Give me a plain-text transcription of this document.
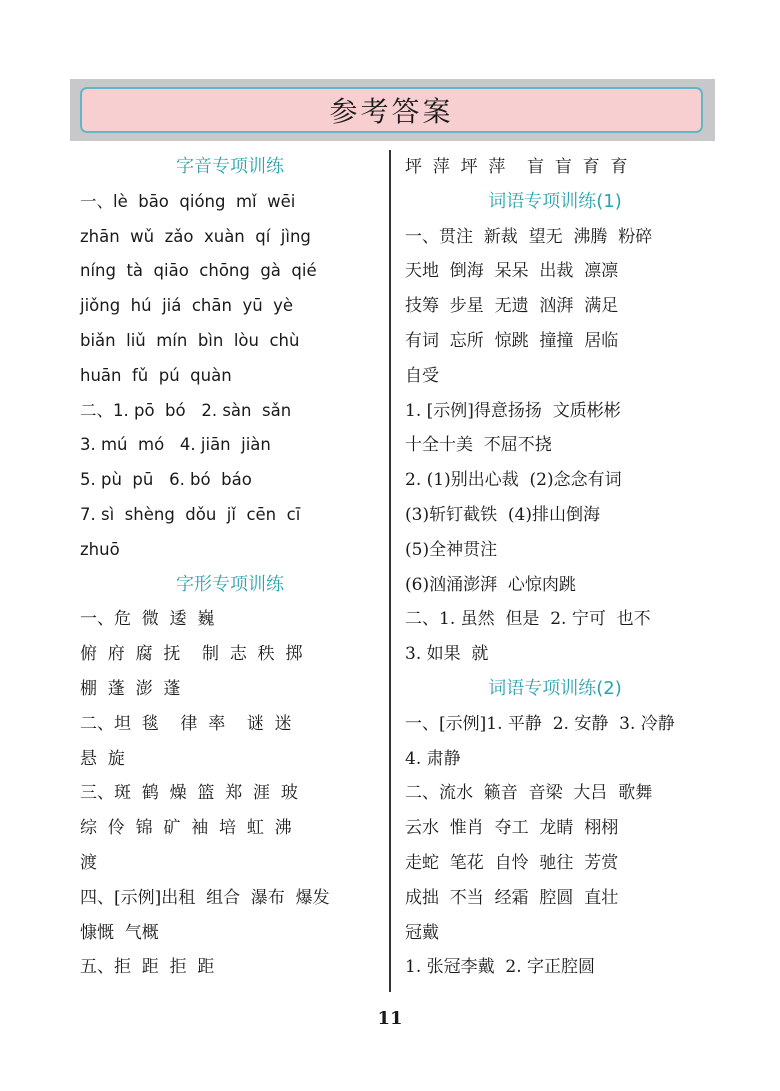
参考答案
字音专项训练
一、lè  bāo  qióng  mǐ  wēi
zhān  wǔ  zǎo  xuàn  qí  jìng
níng  tà  qiāo  chōng  gà  qié
jiǒng  hú  jiá  chān  yū  yè
biǎn  liǔ  mín  bìn  lòu  chù
huān  fǔ  pú  quàn
二、1. pō  bó   2. sàn  sǎn
3. mú  mó   4. jiān  jiàn
5. pù  pū   6. bó  báo
7. sì  shèng  dǒu  jǐ  cēn  cī
zhuō
字形专项训练
一、危  微  逶  巍
俯  府  腐  抚    制  志  秩  掷
棚  蓬  澎  蓬
二、坦  毯    律  率    谜  迷
悬  旋
三、斑  鹤  燥  篮  郑  涯  玻
综  伶  锦  矿  袖  培  虹  沸
渡
四、[示例]出租  组合  瀑布  爆发
慷慨  气概
五、拒  距  拒  距
坪  萍  坪  萍    盲  盲  育  育
词语专项训练(1)
一、贯注  新裁  望无  沸腾  粉碎
天地  倒海  呆呆  出裁  凛凛
技筹  步星  无遗  汹湃  满足
有词  忘所  惊跳  撞撞  居临
自受
1. [示例]得意扬扬  文质彬彬
十全十美  不屈不挠
2. (1)别出心裁  (2)念念有词
(3)斩钉截铁  (4)排山倒海
(5)全神贯注
(6)汹涌澎湃  心惊肉跳
二、1. 虽然  但是  2. 宁可  也不
3. 如果  就
词语专项训练(2)
一、[示例]1. 平静  2. 安静  3. 冷静
4. 肃静
二、流水  籁音  音梁  大吕  歌舞
云水  惟肖  夺工  龙睛  栩栩
走蛇  笔花  自怜  驰往  芳赏
成拙  不当  经霜  腔圆  直壮
冠戴
1. 张冠李戴  2. 字正腔圆
11
